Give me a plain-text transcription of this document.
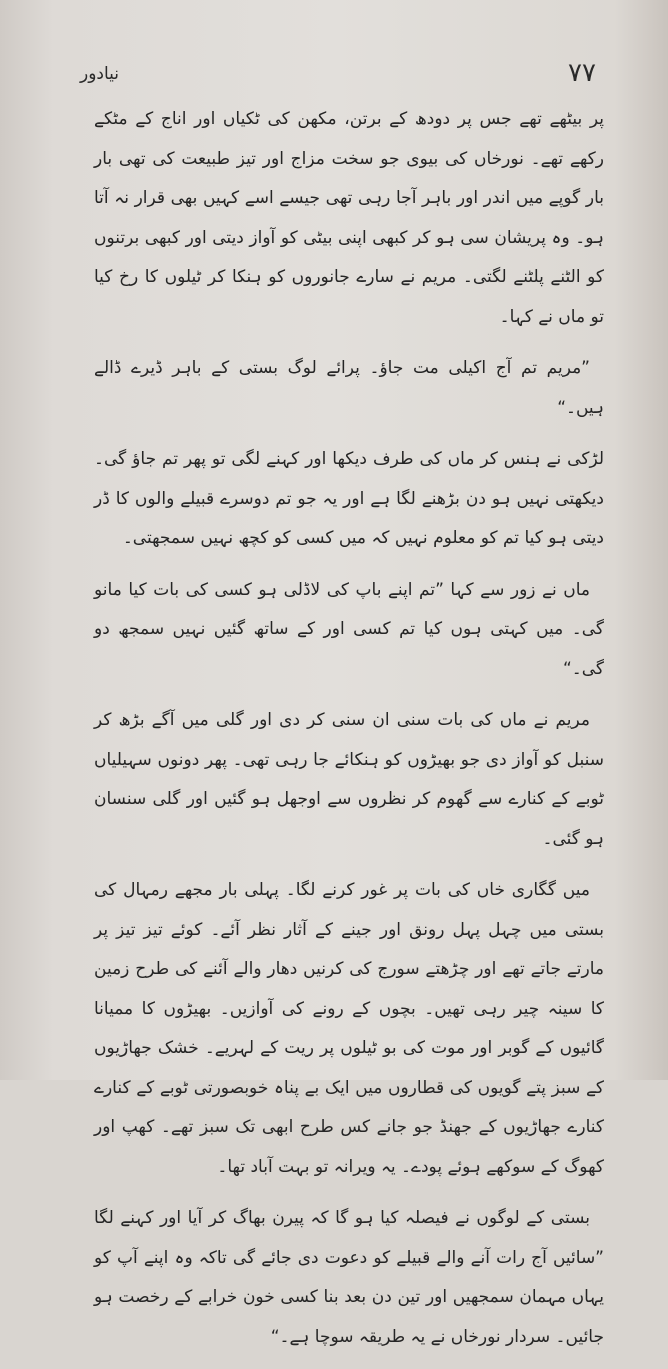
٧٧
نیادور

پر بیٹھے تھے جس پر دودھ کے برتن، مکھن کی ٹکیاں اور اناج کے مٹکے رکھے تھے۔ نورخاں کی بیوی جو سخت مزاج اور تیز طبیعت کی تھی بار بار گوپے میں اندر اور باہر آجا رہی تھی جیسے اسے کہیں بھی قرار نہ آتا ہو۔ وہ پریشان سی ہو کر کبھی اپنی بیٹی کو آواز دیتی اور کبھی برتنوں کو الٹنے پلٹنے لگتی۔ مریم نے سارے جانوروں کو ہنکا کر ٹیلوں کا رخ کیا تو ماں نے کہا۔

”مریم تم آج اکیلی مت جاؤ۔ پرائے لوگ بستی کے باہر ڈیرے ڈالے ہیں۔“

لڑکی نے ہنس کر ماں کی طرف دیکھا اور کہنے لگی تو پھر تم جاؤ گی۔ دیکھتی نہیں ہو دن بڑھنے لگا ہے اور یہ جو تم دوسرے قبیلے والوں کا ڈر دیتی ہو کیا تم کو معلوم نہیں کہ میں کسی کو کچھ نہیں سمجھتی۔

ماں نے زور سے کہا ”تم اپنے باپ کی لاڈلی ہو کسی کی بات کیا مانو گی۔ میں کہتی ہوں کیا تم کسی اور کے ساتھ گئیں نہیں سمجھ دو گی۔“

مریم نے ماں کی بات سنی ان سنی کر دی اور گلی میں آگے بڑھ کر سنبل کو آواز دی جو بھیڑوں کو ہنکائے جا رہی تھی۔ پھر دونوں سہیلیاں ٹوبے کے کنارے سے گھوم کر نظروں سے اوجھل ہو گئیں اور گلی سنسان ہو گئی۔

میں گگاری خاں کی بات پر غور کرنے لگا۔ پہلی بار مجھے رمہال کی بستی میں چہل پہل رونق اور جینے کے آثار نظر آئے۔ کوئے تیز تیز پر مارتے جاتے تھے اور چڑھتے سورج کی کرنیں دھار والے آئنے کی طرح زمین کا سینہ چیر رہی تھیں۔ بچوں کے رونے کی آوازیں۔ بھیڑوں کا ممیانا گائیوں کے گوبر اور موت کی بو ٹیلوں پر ریت کے لہریے۔ خشک جھاڑیوں کے سبز پتے گویوں کی قطاروں میں ایک بے پناہ خوبصورتی ٹوبے کے کنارے کنارے جھاڑیوں کے جھنڈ جو جانے کس طرح ابھی تک سبز تھے۔ کھپ اور کھوگ کے سوکھے ہوئے پودے۔ یہ ویرانہ تو بہت آباد تھا۔

بستی کے لوگوں نے فیصلہ کیا ہو گا کہ پیرن بھاگ کر آیا اور کہنے لگا ”سائیں آج رات آنے والے قبیلے کو دعوت دی جائے گی تاکہ وہ اپنے آپ کو یہاں مہمان سمجھیں اور تین دن بعد بنا کسی خون خرابے کے رخصت ہو جائیں۔ سردار نورخاں نے یہ طریقہ سوچا ہے۔“
